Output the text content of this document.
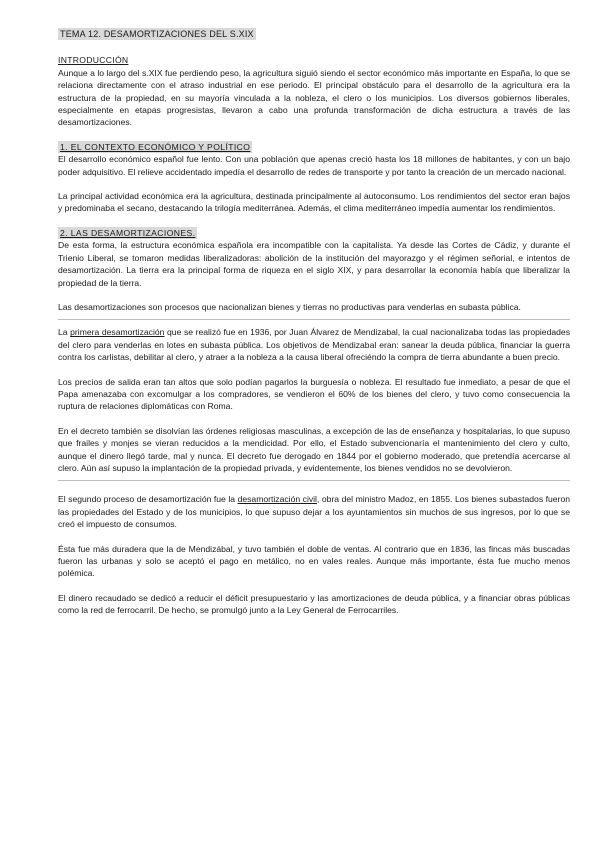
TEMA 12. DESAMORTIZACIONES DEL S.XIX
INTRODUCCIÓN

Aunque a lo largo del s.XIX fue perdiendo peso, la agricultura siguió siendo el sector económico más importante en España, lo que se relaciona directamente con el atraso industrial en ese periodo. El principal obstáculo para el desarrollo de la agricultura era la estructura de la propiedad, en su mayoría vinculada a la nobleza, el clero o los municipios. Los diversos gobiernos liberales, especialmente en etapas progresistas, llevaron a cabo una profunda transformación de dicha estructura a través de las desamortizaciones.

1. EL CONTEXTO ECONÓMICO Y POLÍTICO

El desarrollo económico español fue lento. Con una población que apenas creció hasta los 18 millones de habitantes, y con un bajo poder adquisitivo. El relieve accidentado impedía el desarrollo de redes de transporte y por tanto la creación de un mercado nacional.

La principal actividad económica era la agricultura, destinada principalmente al autoconsumo. Los rendimientos del sector eran bajos y predominaba el secano, destacando la trilogía mediterránea. Además, el clima mediterráneo impedía aumentar los rendimientos.

2. LAS DESAMORTIZACIONES.

De esta forma, la estructura económica española era incompatible con la capitalista. Ya desde las Cortes de Cádiz, y durante el Trienio Liberal, se tomaron medidas liberalizadoras: abolición de la institución del mayorazgo y el régimen señorial, e intentos de desamortización. La tierra era la principal forma de riqueza en el siglo XIX, y para desarrollar la economía había que liberalizar la propiedad de la tierra.

Las desamortizaciones son procesos que nacionalizan bienes y tierras no productivas para venderlas en subasta pública.

La primera desamortización que se realizó fue en 1936, por Juan Álvarez de Mendizabal, la cual nacionalizaba todas las propiedades del clero para venderlas en lotes en subasta pública. Los objetivos de Mendizabal eran: sanear la deuda pública, financiar la guerra contra los carlistas, debilitar al clero, y atraer a la nobleza a la causa liberal ofreciéndo la compra de tierra abundante a buen precio.

Los precios de salida eran tan altos que solo podían pagarlos la burguesía o nobleza. El resultado fue inmediato, a pesar de que el Papa amenazaba con excomulgar a los compradores, se vendieron el 60% de los bienes del clero, y tuvo como consecuencia la ruptura de relaciones diplomáticas con Roma.

En el decreto también se disolvían las órdenes religiosas masculinas, a excepción de las de enseñanza y hospitalarias, lo que supuso que frailes y monjes se vieran reducidos a la mendicidad. Por ello, el Estado subvencionaría el mantenimiento del clero y culto, aunque el dinero llegó tarde, mal y nunca. El decreto fue derogado en 1844 por el gobierno moderado, que pretendía acercarse al clero. Aún así supuso la implantación de la propiedad privada, y evidentemente, los bienes vendidos no se devolvieron.

El segundo proceso de desamortización fue la desamortización civil, obra del ministro Madoz, en 1855. Los bienes subastados fueron las propiedades del Estado y de los municipios, lo que supuso dejar a los ayuntamientos sin muchos de sus ingresos, por lo que se creó el impuesto de consumos.

Ésta fue más duradera que la de Mendizábal, y tuvo también el doble de ventas. Al contrario que en 1836, las fincas más buscadas fueron las urbanas y solo se aceptó el pago en metálico, no en vales reales. Aunque más importante, ésta fue mucho menos polémica.

El dinero recaudado se dedicó a reducir el déficit presupuestario y las amortizaciones de deuda pública, y a financiar obras públicas como la red de ferrocarril. De hecho, se promulgó junto a la Ley General de Ferrocarriles.
